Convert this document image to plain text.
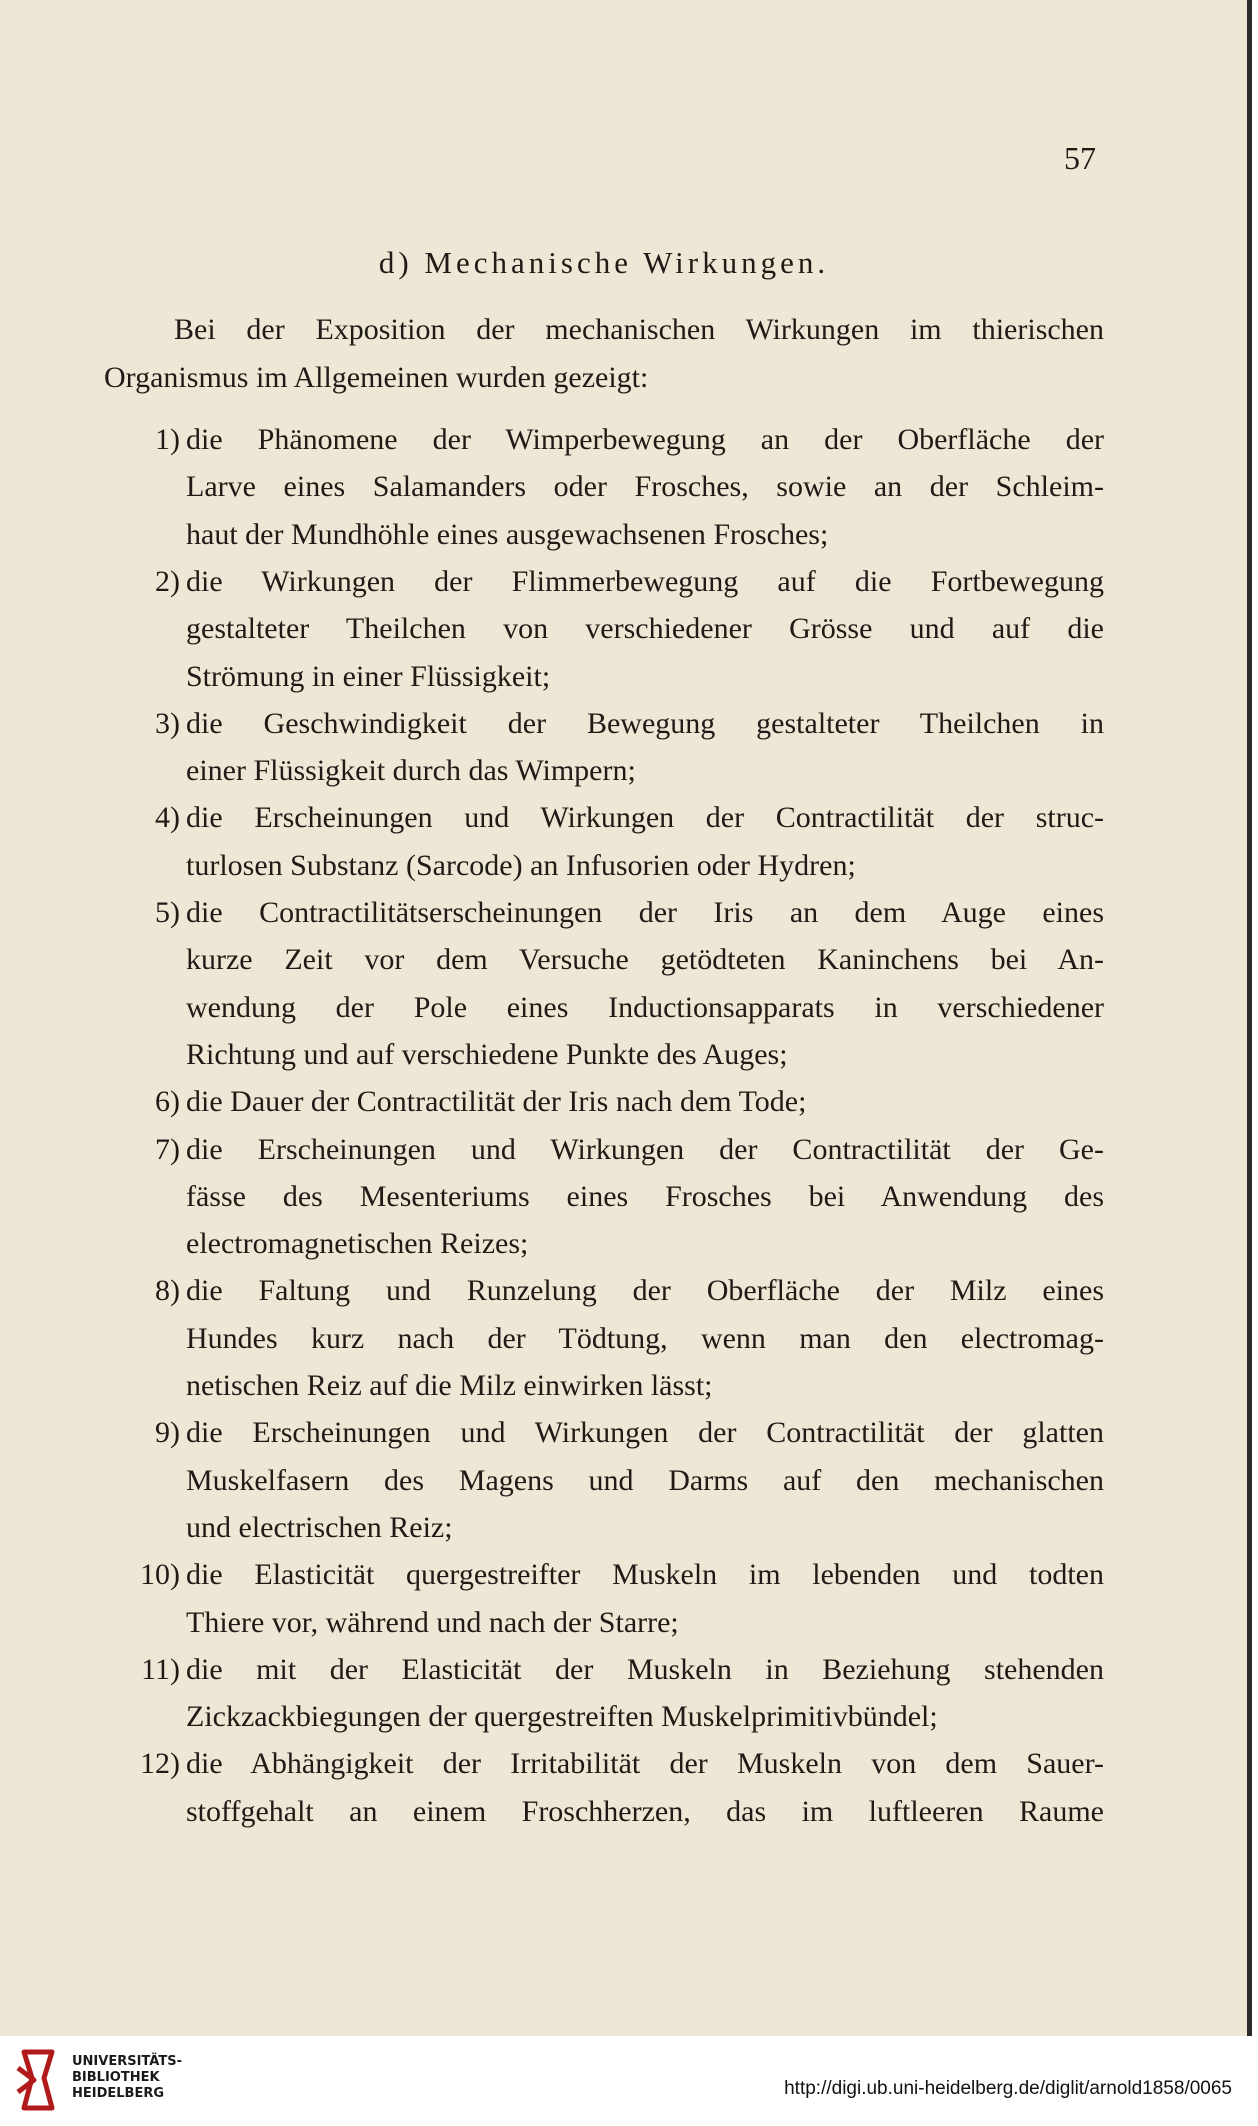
57
d) Mechanische Wirkungen.
Bei der Exposition der mechanischen Wirkungen im thierischen
Organismus im Allgemeinen wurden gezeigt:
1) die Phänomene der Wimperbewegung an der Oberfläche der
Larve eines Salamanders oder Frosches, sowie an der Schleim-
haut der Mundhöhle eines ausgewachsenen Frosches;
2) die Wirkungen der Flimmerbewegung auf die Fortbewegung
gestalteter Theilchen von verschiedener Grösse und auf die
Strömung in einer Flüssigkeit;
3) die Geschwindigkeit der Bewegung gestalteter Theilchen in
einer Flüssigkeit durch das Wimpern;
4) die Erscheinungen und Wirkungen der Contractilität der struc-
turlosen Substanz (Sarcode) an Infusorien oder Hydren;
5) die Contractilitätserscheinungen der Iris an dem Auge eines
kurze Zeit vor dem Versuche getödteten Kaninchens bei An-
wendung der Pole eines Inductionsapparats in verschiedener
Richtung und auf verschiedene Punkte des Auges;
6) die Dauer der Contractilität der Iris nach dem Tode;
7) die Erscheinungen und Wirkungen der Contractilität der Ge-
fässe des Mesenteriums eines Frosches bei Anwendung des
electromagnetischen Reizes;
8) die Faltung und Runzelung der Oberfläche der Milz eines
Hundes kurz nach der Tödtung, wenn man den electromag-
netischen Reiz auf die Milz einwirken lässt;
9) die Erscheinungen und Wirkungen der Contractilität der glatten
Muskelfasern des Magens und Darms auf den mechanischen
und electrischen Reiz;
10) die Elasticität quergestreifter Muskeln im lebenden und todten
Thiere vor, während und nach der Starre;
11) die mit der Elasticität der Muskeln in Beziehung stehenden
Zickzackbiegungen der quergestreiften Muskelprimitivbündel;
12) die Abhängigkeit der Irritabilität der Muskeln von dem Sauer-
stoffgehalt an einem Froschherzen, das im luftleeren Raume
UNIVERSITÄTS-
BIBLIOTHEK
HEIDELBERG	http://digi.ub.uni-heidelberg.de/diglit/arnold1858/0065
